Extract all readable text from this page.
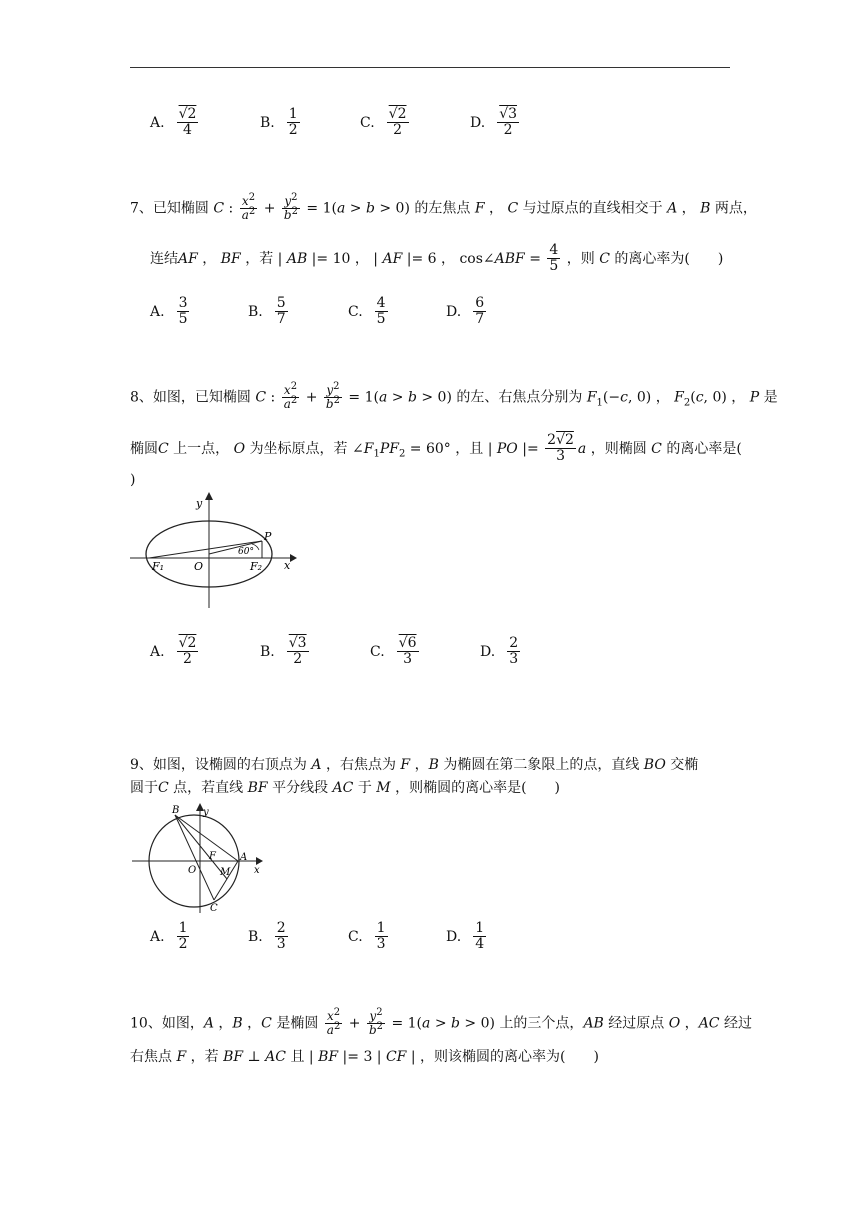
A. $\frac{√2}{4}$	B. $\frac{1}{2}$	C. $\frac{√2}{2}$	D. $\frac{√3}{2}$
7、已知椭圆 C : $\frac{x^2}{a^2} + \frac{y^2}{b^2} = 1(a > b > 0)$ 的左焦点 F ， C 与过原点的直线相交于 A ， B 两点，
连结AF ， BF ，若 | AB |= 10 ， | AF |= 6 ， cos∠ABF = $\frac{4}{5}$ ，则 C 的离心率为(　　)
A. $\frac{3}{5}$	B. $\frac{5}{7}$	C. $\frac{4}{5}$	D. $\frac{6}{7}$
8、如图，已知椭圆 C : $\frac{x^2}{a^2} + \frac{y^2}{b^2} = 1(a > b > 0)$ 的左、右焦点分别为 $F_1(-c$, 0) ， $F_2(c$, 0) ， P 是
椭圆C 上一点， O 为坐标原点，若 $\angle F_1PF_2 = 60^\circ$ ，且 | PO |= $\frac{2√2}{3}$ a ，则椭圆 C 的离心率是(
)
y
x
P
F₁	O	F₂
60°
A. $\frac{√2}{2}$	B. $\frac{√3}{2}$	C. $\frac{√6}{3}$	D. $\frac{2}{3}$
9、如图，设椭圆的右顶点为 A ，右焦点为 F ，B 为椭圆在第二象限上的点，直线 BO 交椭
圆于C 点，若直线 BF 平分线段 AC 于 M ，则椭圆的离心率是(　　)
y
x
B
F A
O M
C
A. $\frac{1}{2}$	B. $\frac{2}{3}$	C. $\frac{1}{3}$	D. $\frac{1}{4}$
10、如图，A ，B ，C 是椭圆 $\frac{x^2}{a^2} + \frac{y^2}{b^2} = 1(a > b > 0)$ 上的三个点，AB 经过原点 O ，AC 经过
右焦点 F ，若 BF ⊥ AC 且 | BF |= 3 | CF | ，则该椭圆的离心率为(　　)
